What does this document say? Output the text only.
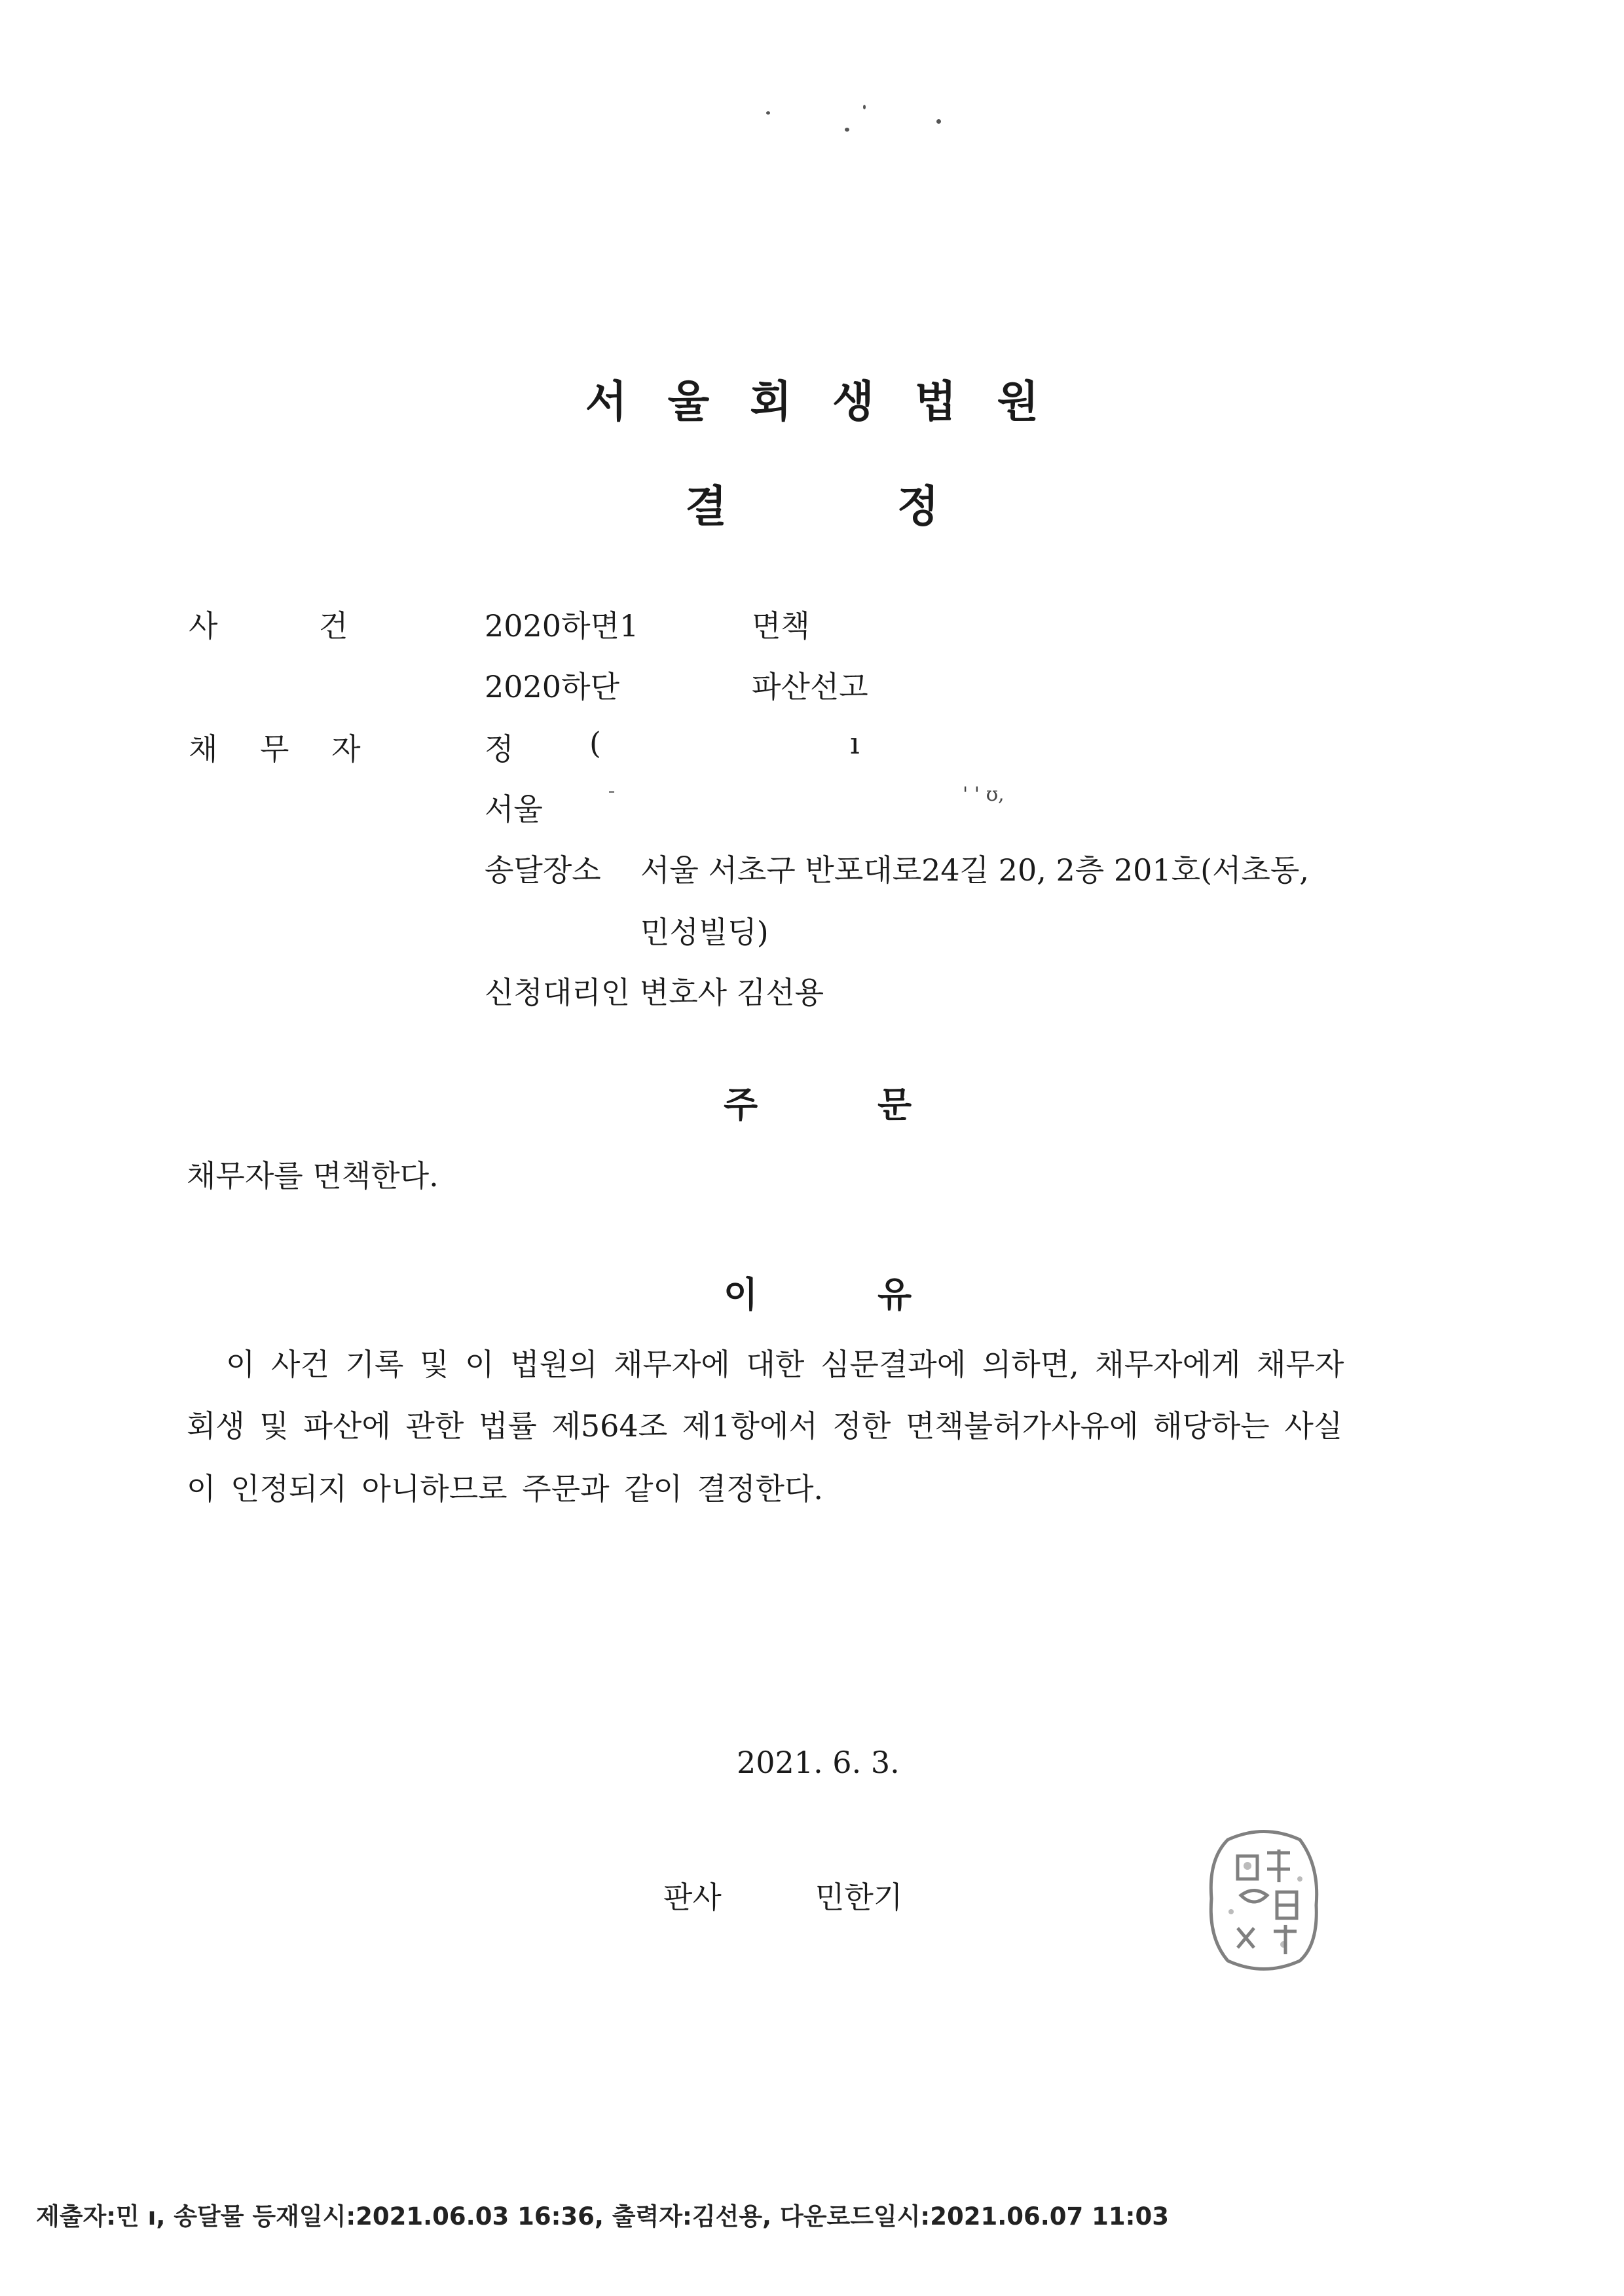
서울회생법원
결정
사 건	2020하면1	면책
2020하단	파산선고
채 무 자	정	(	ı
서울	' ' ʊ,
송달장소 서울 서초구 반포대로24길 20, 2층 201호(서초동,
민성빌딩)
신청대리인 변호사 김선용
주	문
채무자를 면책한다.
이	유
이 사건 기록 및 이 법원의 채무자에 대한 심문결과에 의하면, 채무자에게 채무자
회생 및 파산에 관한 법률 제564조 제1항에서 정한 면책불허가사유에 해당하는 사실
이 인정되지 아니하므로 주문과 같이 결정한다.
2021. 6. 3.
판사	민한기
제출자:민 ı, 송달물 등재일시:2021.06.03 16:36, 출력자:김선용, 다운로드일시:2021.06.07 11:03
